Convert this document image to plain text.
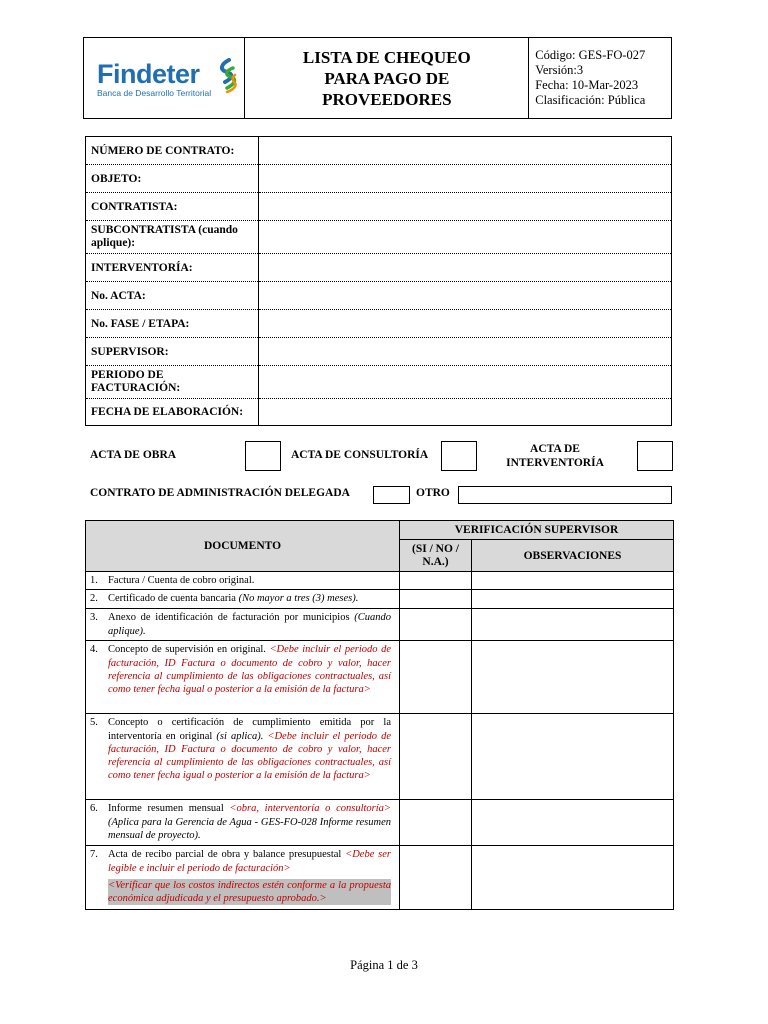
Findeter
Banca de Desarrollo Territorial

LISTA DE CHEQUEO
PARA PAGO DE
PROVEEDORES

Código: GES-FO-027
Versión:3
Fecha: 10-Mar-2023
Clasificación: Pública
NÚMERO DE CONTRATO:	
OBJETO:	
CONTRATISTA:	
SUBCONTRATISTA (cuando aplique):	
INTERVENTORÍA:	
No. ACTA:	
No. FASE / ETAPA:	
SUPERVISOR:	
PERIODO DE FACTURACIÓN:	
FECHA DE ELABORACIÓN:	
ACTA DE OBRA	ACTA DE CONSULTORÍA	ACTA DE INTERVENTORÍA
CONTRATO DE ADMINISTRACIÓN DELEGADA	OTRO
DOCUMENTO	VERIFICACIÓN SUPERVISOR	
	(SI / NO / N.A.)	OBSERVACIONES
1. Factura / Cuenta de cobro original.		
2. Certificado de cuenta bancaria (No mayor a tres (3) meses).		
3. Anexo de identificación de facturación por municipios (Cuando aplique).		
4. Concepto de supervisión en original. <Debe incluir el periodo de facturación, ID Factura o documento de cobro y valor, hacer referencia al cumplimiento de las obligaciones contractuales, así como tener fecha igual o posterior a la emisión de la factura>		
5. Concepto o certificación de cumplimiento emitida por la interventoría en original (si aplica). <Debe incluir el periodo de facturación, ID Factura o documento de cobro y valor, hacer referencia al cumplimiento de las obligaciones contractuales, así como tener fecha igual o posterior a la emisión de la factura>		
6. Informe resumen mensual <obra, interventoría o consultoría> (Aplica para la Gerencia de Agua - GES-FO-028 Informe resumen mensual de proyecto).		
7. Acta de recibo parcial de obra y balance presupuestal <Debe ser legible e incluir el periodo de facturación>
<Verificar que los costos indirectos estén conforme a la propuesta económica adjudicada y el presupuesto aprobado.>		

Página 1 de 3
